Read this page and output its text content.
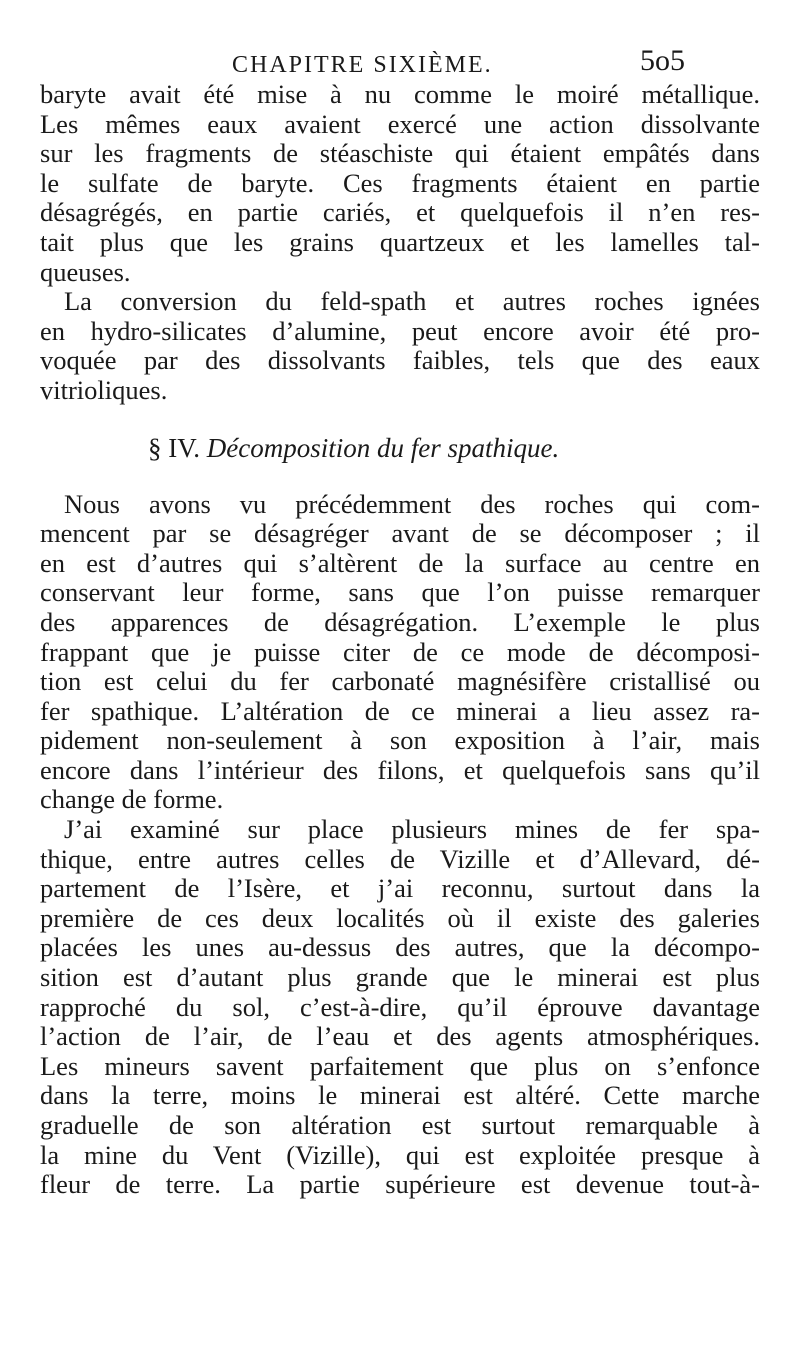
CHAPITRE SIXIÈME.	5o5
baryte avait été mise à nu comme le moiré métallique.
Les mêmes eaux avaient exercé une action dissolvante
sur les fragments de stéaschiste qui étaient empâtés dans
le sulfate de baryte. Ces fragments étaient en partie
désagrégés, en partie cariés, et quelquefois il n’en res-
tait plus que les grains quartzeux et les lamelles tal-
queuses.
La conversion du feld-spath et autres roches ignées
en hydro-silicates d’alumine, peut encore avoir été pro-
voquée par des dissolvants faibles, tels que des eaux
vitrioliques.
§ IV. Décomposition du fer spathique.
Nous avons vu précédemment des roches qui com-
mencent par se désagréger avant de se décomposer ; il
en est d’autres qui s’altèrent de la surface au centre en
conservant leur forme, sans que l’on puisse remarquer
des apparences de désagrégation. L’exemple le plus
frappant que je puisse citer de ce mode de décomposi-
tion est celui du fer carbonaté magnésifère cristallisé ou
fer spathique. L’altération de ce minerai a lieu assez ra-
pidement non-seulement à son exposition à l’air, mais
encore dans l’intérieur des filons, et quelquefois sans qu’il
change de forme.
J’ai examiné sur place plusieurs mines de fer spa-
thique, entre autres celles de Vizille et d’Allevard, dé-
partement de l’Isère, et j’ai reconnu, surtout dans la
première de ces deux localités où il existe des galeries
placées les unes au-dessus des autres, que la décompo-
sition est d’autant plus grande que le minerai est plus
rapproché du sol, c’est-à-dire, qu’il éprouve davantage
l’action de l’air, de l’eau et des agents atmosphériques.
Les mineurs savent parfaitement que plus on s’enfonce
dans la terre, moins le minerai est altéré. Cette marche
graduelle de son altération est surtout remarquable à
la mine du Vent (Vizille), qui est exploitée presque à
fleur de terre. La partie supérieure est devenue tout-à-
